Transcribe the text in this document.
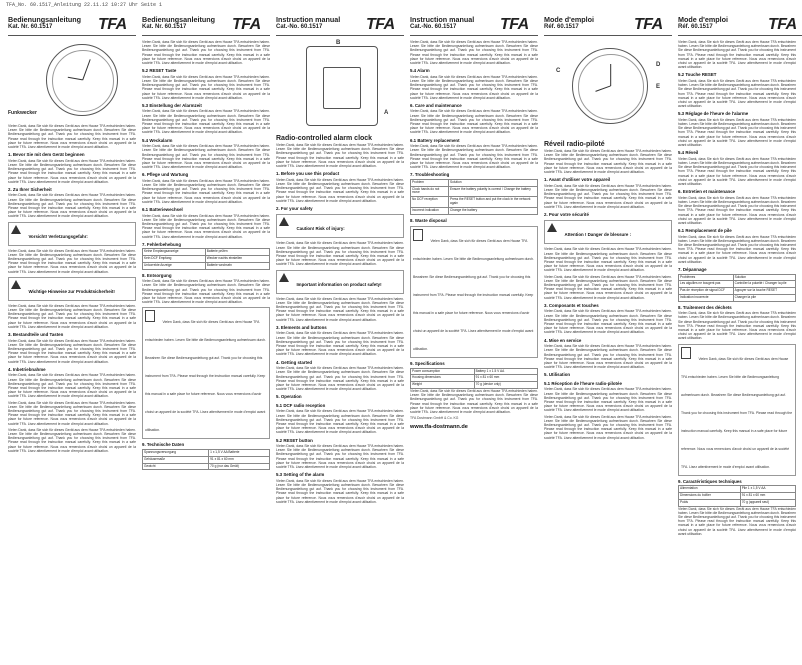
TFA_No. 60.1517_Anleitung 22.11.12 10:27 Uhr Seite 1
Bedienungsanleitung
Kat. Nr. 60.1517	TFA
Funkwecker
Vielen Dank, dass Sie sich für dieses Gerät aus dem Hause TFA entschieden haben. Lesen Sie bitte die Bedienungsanleitung aufmerksam durch. Bewahren Sie diese Bedienungsanleitung gut auf. Thank you for choosing this instrument from TFA. Please read through the instruction manual carefully. Keep this manual in a safe place for future reference. Nous vous remercions d'avoir choisi un appareil de la société TFA. Lisez attentivement le mode d'emploi avant utilisation.
1. Bevor Sie mit dem Gerät beginnen
Vielen Dank, dass Sie sich für dieses Gerät aus dem Hause TFA entschieden haben. Lesen Sie bitte die Bedienungsanleitung aufmerksam durch. Bewahren Sie diese Bedienungsanleitung gut auf. Thank you for choosing this instrument from TFA. Please read through the instruction manual carefully. Keep this manual in a safe place for future reference. Nous vous remercions d'avoir choisi un appareil de la société TFA. Lisez attentivement le mode d'emploi avant utilisation.
2. Zu Ihrer Sicherheit
Vielen Dank, dass Sie sich für dieses Gerät aus dem Hause TFA entschieden haben. Lesen Sie bitte die Bedienungsanleitung aufmerksam durch. Bewahren Sie diese Bedienungsanleitung gut auf. Thank you for choosing this instrument from TFA. Please read through the instruction manual carefully. Keep this manual in a safe place for future reference. Nous vous remercions d'avoir choisi un appareil de la société TFA. Lisez attentivement le mode d'emploi avant utilisation.
Vorsicht! Verletzungsgefahr:
Vielen Dank, dass Sie sich für dieses Gerät aus dem Hause TFA entschieden haben. Lesen Sie bitte die Bedienungsanleitung aufmerksam durch. Bewahren Sie diese Bedienungsanleitung gut auf. Thank you for choosing this instrument from TFA. Please read through the instruction manual carefully. Keep this manual in a safe place for future reference. Nous vous remercions d'avoir choisi un appareil de la société TFA. Lisez attentivement le mode d'emploi avant utilisation.
Wichtige Hinweise zur Produktsicherheit!
Vielen Dank, dass Sie sich für dieses Gerät aus dem Hause TFA entschieden haben. Lesen Sie bitte die Bedienungsanleitung aufmerksam durch. Bewahren Sie diese Bedienungsanleitung gut auf. Thank you for choosing this instrument from TFA. Please read through the instruction manual carefully. Keep this manual in a safe place for future reference. Nous vous remercions d'avoir choisi un appareil de la société TFA. Lisez attentivement le mode d'emploi avant utilisation.
3. Bestandteile und Tasten
Vielen Dank, dass Sie sich für dieses Gerät aus dem Hause TFA entschieden haben. Lesen Sie bitte die Bedienungsanleitung aufmerksam durch. Bewahren Sie diese Bedienungsanleitung gut auf. Thank you for choosing this instrument from TFA. Please read through the instruction manual carefully. Keep this manual in a safe place for future reference. Nous vous remercions d'avoir choisi un appareil de la société TFA. Lisez attentivement le mode d'emploi avant utilisation.
4. Inbetriebnahme
Vielen Dank, dass Sie sich für dieses Gerät aus dem Hause TFA entschieden haben. Lesen Sie bitte die Bedienungsanleitung aufmerksam durch. Bewahren Sie diese Bedienungsanleitung gut auf. Thank you for choosing this instrument from TFA. Please read through the instruction manual carefully. Keep this manual in a safe place for future reference. Nous vous remercions d'avoir choisi un appareil de la société TFA. Lisez attentivement le mode d'emploi avant utilisation.
Vielen Dank, dass Sie sich für dieses Gerät aus dem Hause TFA entschieden haben. Lesen Sie bitte die Bedienungsanleitung aufmerksam durch. Bewahren Sie diese Bedienungsanleitung gut auf. Thank you for choosing this instrument from TFA. Please read through the instruction manual carefully. Keep this manual in a safe place for future reference. Nous vous remercions d'avoir choisi un appareil de la société TFA. Lisez attentivement le mode d'emploi avant utilisation.
Vielen Dank, dass Sie sich für dieses Gerät aus dem Hause TFA entschieden haben. Lesen Sie bitte die Bedienungsanleitung aufmerksam durch. Bewahren Sie diese Bedienungsanleitung gut auf. Thank you for choosing this instrument from TFA. Please read through the instruction manual carefully. Keep this manual in a safe place for future reference. Nous vous remercions d'avoir choisi un appareil de la société TFA. Lisez attentivement le mode d'emploi avant utilisation.
Bedienungsanleitung
Kat. Nr. 60.1517	TFA
Vielen Dank, dass Sie sich für dieses Gerät aus dem Hause TFA entschieden haben. Lesen Sie bitte die Bedienungsanleitung aufmerksam durch. Bewahren Sie diese Bedienungsanleitung gut auf. Thank you for choosing this instrument from TFA. Please read through the instruction manual carefully. Keep this manual in a safe place for future reference. Nous vous remercions d'avoir choisi un appareil de la société TFA. Lisez attentivement le mode d'emploi avant utilisation.
5.2 RESET Taste
Vielen Dank, dass Sie sich für dieses Gerät aus dem Hause TFA entschieden haben. Lesen Sie bitte die Bedienungsanleitung aufmerksam durch. Bewahren Sie diese Bedienungsanleitung gut auf. Thank you for choosing this instrument from TFA. Please read through the instruction manual carefully. Keep this manual in a safe place for future reference. Nous vous remercions d'avoir choisi un appareil de la société TFA. Lisez attentivement le mode d'emploi avant utilisation.
5.3 Einstellung der Alarmzeit
Vielen Dank, dass Sie sich für dieses Gerät aus dem Hause TFA entschieden haben. Lesen Sie bitte die Bedienungsanleitung aufmerksam durch. Bewahren Sie diese Bedienungsanleitung gut auf. Thank you for choosing this instrument from TFA. Please read through the instruction manual carefully. Keep this manual in a safe place for future reference. Nous vous remercions d'avoir choisi un appareil de la société TFA. Lisez attentivement le mode d'emploi avant utilisation.
5.4 Weckalarm
Vielen Dank, dass Sie sich für dieses Gerät aus dem Hause TFA entschieden haben. Lesen Sie bitte die Bedienungsanleitung aufmerksam durch. Bewahren Sie diese Bedienungsanleitung gut auf. Thank you for choosing this instrument from TFA. Please read through the instruction manual carefully. Keep this manual in a safe place for future reference. Nous vous remercions d'avoir choisi un appareil de la société TFA. Lisez attentivement le mode d'emploi avant utilisation.
6. Pflege und Wartung
Vielen Dank, dass Sie sich für dieses Gerät aus dem Hause TFA entschieden haben. Lesen Sie bitte die Bedienungsanleitung aufmerksam durch. Bewahren Sie diese Bedienungsanleitung gut auf. Thank you for choosing this instrument from TFA. Please read through the instruction manual carefully. Keep this manual in a safe place for future reference. Nous vous remercions d'avoir choisi un appareil de la société TFA. Lisez attentivement le mode d'emploi avant utilisation.
6.1 Batteriewechsel
Vielen Dank, dass Sie sich für dieses Gerät aus dem Hause TFA entschieden haben. Lesen Sie bitte die Bedienungsanleitung aufmerksam durch. Bewahren Sie diese Bedienungsanleitung gut auf. Thank you for choosing this instrument from TFA. Please read through the instruction manual carefully. Keep this manual in a safe place for future reference. Nous vous remercions d'avoir choisi un appareil de la société TFA. Lisez attentivement le mode d'emploi avant utilisation.
7. Fehlerbehebung
Keine Empfangsanzeige	Batterie prüfen
Kein DCF Empfang	Wecker nachts einstellen
Unkorrekte Anzeige	Batterie wechseln
8. Entsorgung
Vielen Dank, dass Sie sich für dieses Gerät aus dem Hause TFA entschieden haben. Lesen Sie bitte die Bedienungsanleitung aufmerksam durch. Bewahren Sie diese Bedienungsanleitung gut auf. Thank you for choosing this instrument from TFA. Please read through the instruction manual carefully. Keep this manual in a safe place for future reference. Nous vous remercions d'avoir choisi un appareil de la société TFA. Lisez attentivement le mode d'emploi avant utilisation.
Vielen Dank, dass Sie sich für dieses Gerät aus dem Hause TFA entschieden haben. Lesen Sie bitte die Bedienungsanleitung aufmerksam durch. Bewahren Sie diese Bedienungsanleitung gut auf. Thank you for choosing this instrument from TFA. Please read through the instruction manual carefully. Keep this manual in a safe place for future reference. Nous vous remercions d'avoir choisi un appareil de la société TFA. Lisez attentivement le mode d'emploi avant utilisation.
9. Technische Daten
Spannungsversorgung	1 x 1,5 V AA Batterie
Gehäusemaße	91 x 81 x 60 mm
Gewicht	70 g (nur das Gerät)
Instruction manual
Cat.-No. 60.1517	TFA
B
A
Radio-controlled alarm clock
Vielen Dank, dass Sie sich für dieses Gerät aus dem Hause TFA entschieden haben. Lesen Sie bitte die Bedienungsanleitung aufmerksam durch. Bewahren Sie diese Bedienungsanleitung gut auf. Thank you for choosing this instrument from TFA. Please read through the instruction manual carefully. Keep this manual in a safe place for future reference. Nous vous remercions d'avoir choisi un appareil de la société TFA. Lisez attentivement le mode d'emploi avant utilisation.
1. Before you use this product
Vielen Dank, dass Sie sich für dieses Gerät aus dem Hause TFA entschieden haben. Lesen Sie bitte die Bedienungsanleitung aufmerksam durch. Bewahren Sie diese Bedienungsanleitung gut auf. Thank you for choosing this instrument from TFA. Please read through the instruction manual carefully. Keep this manual in a safe place for future reference. Nous vous remercions d'avoir choisi un appareil de la société TFA. Lisez attentivement le mode d'emploi avant utilisation.
2. For your safety
Caution! Risk of injury:
Vielen Dank, dass Sie sich für dieses Gerät aus dem Hause TFA entschieden haben. Lesen Sie bitte die Bedienungsanleitung aufmerksam durch. Bewahren Sie diese Bedienungsanleitung gut auf. Thank you for choosing this instrument from TFA. Please read through the instruction manual carefully. Keep this manual in a safe place for future reference. Nous vous remercions d'avoir choisi un appareil de la société TFA. Lisez attentivement le mode d'emploi avant utilisation.
Important information on product safety!
Vielen Dank, dass Sie sich für dieses Gerät aus dem Hause TFA entschieden haben. Lesen Sie bitte die Bedienungsanleitung aufmerksam durch. Bewahren Sie diese Bedienungsanleitung gut auf. Thank you for choosing this instrument from TFA. Please read through the instruction manual carefully. Keep this manual in a safe place for future reference. Nous vous remercions d'avoir choisi un appareil de la société TFA. Lisez attentivement le mode d'emploi avant utilisation.
3. Elements and buttons
Vielen Dank, dass Sie sich für dieses Gerät aus dem Hause TFA entschieden haben. Lesen Sie bitte die Bedienungsanleitung aufmerksam durch. Bewahren Sie diese Bedienungsanleitung gut auf. Thank you for choosing this instrument from TFA. Please read through the instruction manual carefully. Keep this manual in a safe place for future reference. Nous vous remercions d'avoir choisi un appareil de la société TFA. Lisez attentivement le mode d'emploi avant utilisation.
4. Getting started
Vielen Dank, dass Sie sich für dieses Gerät aus dem Hause TFA entschieden haben. Lesen Sie bitte die Bedienungsanleitung aufmerksam durch. Bewahren Sie diese Bedienungsanleitung gut auf. Thank you for choosing this instrument from TFA. Please read through the instruction manual carefully. Keep this manual in a safe place for future reference. Nous vous remercions d'avoir choisi un appareil de la société TFA. Lisez attentivement le mode d'emploi avant utilisation.
5. Operation
5.1 DCF radio reception
Vielen Dank, dass Sie sich für dieses Gerät aus dem Hause TFA entschieden haben. Lesen Sie bitte die Bedienungsanleitung aufmerksam durch. Bewahren Sie diese Bedienungsanleitung gut auf. Thank you for choosing this instrument from TFA. Please read through the instruction manual carefully. Keep this manual in a safe place for future reference. Nous vous remercions d'avoir choisi un appareil de la société TFA. Lisez attentivement le mode d'emploi avant utilisation.
5.2 RESET button
Vielen Dank, dass Sie sich für dieses Gerät aus dem Hause TFA entschieden haben. Lesen Sie bitte die Bedienungsanleitung aufmerksam durch. Bewahren Sie diese Bedienungsanleitung gut auf. Thank you for choosing this instrument from TFA. Please read through the instruction manual carefully. Keep this manual in a safe place for future reference. Nous vous remercions d'avoir choisi un appareil de la société TFA. Lisez attentivement le mode d'emploi avant utilisation.
5.3 Setting of the alarm
Vielen Dank, dass Sie sich für dieses Gerät aus dem Hause TFA entschieden haben. Lesen Sie bitte die Bedienungsanleitung aufmerksam durch. Bewahren Sie diese Bedienungsanleitung gut auf. Thank you for choosing this instrument from TFA. Please read through the instruction manual carefully. Keep this manual in a safe place for future reference. Nous vous remercions d'avoir choisi un appareil de la société TFA. Lisez attentivement le mode d'emploi avant utilisation.
Instruction manual
Cat.-No. 60.1517	TFA
Vielen Dank, dass Sie sich für dieses Gerät aus dem Hause TFA entschieden haben. Lesen Sie bitte die Bedienungsanleitung aufmerksam durch. Bewahren Sie diese Bedienungsanleitung gut auf. Thank you for choosing this instrument from TFA. Please read through the instruction manual carefully. Keep this manual in a safe place for future reference. Nous vous remercions d'avoir choisi un appareil de la société TFA. Lisez attentivement le mode d'emploi avant utilisation.
5.4 Alarm
Vielen Dank, dass Sie sich für dieses Gerät aus dem Hause TFA entschieden haben. Lesen Sie bitte die Bedienungsanleitung aufmerksam durch. Bewahren Sie diese Bedienungsanleitung gut auf. Thank you for choosing this instrument from TFA. Please read through the instruction manual carefully. Keep this manual in a safe place for future reference. Nous vous remercions d'avoir choisi un appareil de la société TFA. Lisez attentivement le mode d'emploi avant utilisation.
6. Care and maintenance
Vielen Dank, dass Sie sich für dieses Gerät aus dem Hause TFA entschieden haben. Lesen Sie bitte die Bedienungsanleitung aufmerksam durch. Bewahren Sie diese Bedienungsanleitung gut auf. Thank you for choosing this instrument from TFA. Please read through the instruction manual carefully. Keep this manual in a safe place for future reference. Nous vous remercions d'avoir choisi un appareil de la société TFA. Lisez attentivement le mode d'emploi avant utilisation.
6.1 Battery replacement
Vielen Dank, dass Sie sich für dieses Gerät aus dem Hause TFA entschieden haben. Lesen Sie bitte die Bedienungsanleitung aufmerksam durch. Bewahren Sie diese Bedienungsanleitung gut auf. Thank you for choosing this instrument from TFA. Please read through the instruction manual carefully. Keep this manual in a safe place for future reference. Nous vous remercions d'avoir choisi un appareil de la société TFA. Lisez attentivement le mode d'emploi avant utilisation.
7. Troubleshooting
Problem	Solution
Clock hands do not move	Ensure the battery polarity is correct / Change the battery
No DCF reception	Press the RESET button and put the clock in the network again
Incorrect indication	Change the battery
8. Waste disposal
Vielen Dank, dass Sie sich für dieses Gerät aus dem Hause TFA entschieden haben. Lesen Sie bitte die Bedienungsanleitung aufmerksam durch. Bewahren Sie diese Bedienungsanleitung gut auf. Thank you for choosing this instrument from TFA. Please read through the instruction manual carefully. Keep this manual in a safe place for future reference. Nous vous remercions d'avoir choisi un appareil de la société TFA. Lisez attentivement le mode d'emploi avant utilisation.
9. Specifications
Power consumption	Battery 1 x 1.5 V AA
Housing dimensions	91 x 81 x 60 mm
Weight	70 g (device only)
Vielen Dank, dass Sie sich für dieses Gerät aus dem Hause TFA entschieden haben. Lesen Sie bitte die Bedienungsanleitung aufmerksam durch. Bewahren Sie diese Bedienungsanleitung gut auf. Thank you for choosing this instrument from TFA. Please read through the instruction manual carefully. Keep this manual in a safe place for future reference. Nous vous remercions d'avoir choisi un appareil de la société TFA. Lisez attentivement le mode d'emploi avant utilisation.
TFA Dostmann GmbH & Co. KG
www.tfa-dostmann.de
Mode d'emploi
Réf. 60.1517	TFA
C
D
E
Réveil radio-piloté
Vielen Dank, dass Sie sich für dieses Gerät aus dem Hause TFA entschieden haben. Lesen Sie bitte die Bedienungsanleitung aufmerksam durch. Bewahren Sie diese Bedienungsanleitung gut auf. Thank you for choosing this instrument from TFA. Please read through the instruction manual carefully. Keep this manual in a safe place for future reference. Nous vous remercions d'avoir choisi un appareil de la société TFA. Lisez attentivement le mode d'emploi avant utilisation.
1. Avant d'utiliser votre appareil
Vielen Dank, dass Sie sich für dieses Gerät aus dem Hause TFA entschieden haben. Lesen Sie bitte die Bedienungsanleitung aufmerksam durch. Bewahren Sie diese Bedienungsanleitung gut auf. Thank you for choosing this instrument from TFA. Please read through the instruction manual carefully. Keep this manual in a safe place for future reference. Nous vous remercions d'avoir choisi un appareil de la société TFA. Lisez attentivement le mode d'emploi avant utilisation.
2. Pour votre sécurité
Attention ! Danger de blessure :
Vielen Dank, dass Sie sich für dieses Gerät aus dem Hause TFA entschieden haben. Lesen Sie bitte die Bedienungsanleitung aufmerksam durch. Bewahren Sie diese Bedienungsanleitung gut auf. Thank you for choosing this instrument from TFA. Please read through the instruction manual carefully. Keep this manual in a safe place for future reference. Nous vous remercions d'avoir choisi un appareil de la société TFA. Lisez attentivement le mode d'emploi avant utilisation.
Vielen Dank, dass Sie sich für dieses Gerät aus dem Hause TFA entschieden haben. Lesen Sie bitte die Bedienungsanleitung aufmerksam durch. Bewahren Sie diese Bedienungsanleitung gut auf. Thank you for choosing this instrument from TFA. Please read through the instruction manual carefully. Keep this manual in a safe place for future reference. Nous vous remercions d'avoir choisi un appareil de la société TFA. Lisez attentivement le mode d'emploi avant utilisation.
3. Composants et touches
Vielen Dank, dass Sie sich für dieses Gerät aus dem Hause TFA entschieden haben. Lesen Sie bitte die Bedienungsanleitung aufmerksam durch. Bewahren Sie diese Bedienungsanleitung gut auf. Thank you for choosing this instrument from TFA. Please read through the instruction manual carefully. Keep this manual in a safe place for future reference. Nous vous remercions d'avoir choisi un appareil de la société TFA. Lisez attentivement le mode d'emploi avant utilisation.
4. Mise en service
Vielen Dank, dass Sie sich für dieses Gerät aus dem Hause TFA entschieden haben. Lesen Sie bitte die Bedienungsanleitung aufmerksam durch. Bewahren Sie diese Bedienungsanleitung gut auf. Thank you for choosing this instrument from TFA. Please read through the instruction manual carefully. Keep this manual in a safe place for future reference. Nous vous remercions d'avoir choisi un appareil de la société TFA. Lisez attentivement le mode d'emploi avant utilisation.
5. Utilisation
5.1 Réception de l'heure radio-pilotée
Vielen Dank, dass Sie sich für dieses Gerät aus dem Hause TFA entschieden haben. Lesen Sie bitte die Bedienungsanleitung aufmerksam durch. Bewahren Sie diese Bedienungsanleitung gut auf. Thank you for choosing this instrument from TFA. Please read through the instruction manual carefully. Keep this manual in a safe place for future reference. Nous vous remercions d'avoir choisi un appareil de la société TFA. Lisez attentivement le mode d'emploi avant utilisation.
Vielen Dank, dass Sie sich für dieses Gerät aus dem Hause TFA entschieden haben. Lesen Sie bitte die Bedienungsanleitung aufmerksam durch. Bewahren Sie diese Bedienungsanleitung gut auf. Thank you for choosing this instrument from TFA. Please read through the instruction manual carefully. Keep this manual in a safe place for future reference. Nous vous remercions d'avoir choisi un appareil de la société TFA. Lisez attentivement le mode d'emploi avant utilisation.
Mode d'emploi
Réf. 60.1517	TFA
Vielen Dank, dass Sie sich für dieses Gerät aus dem Hause TFA entschieden haben. Lesen Sie bitte die Bedienungsanleitung aufmerksam durch. Bewahren Sie diese Bedienungsanleitung gut auf. Thank you for choosing this instrument from TFA. Please read through the instruction manual carefully. Keep this manual in a safe place for future reference. Nous vous remercions d'avoir choisi un appareil de la société TFA. Lisez attentivement le mode d'emploi avant utilisation.
5.2 Touche RESET
Vielen Dank, dass Sie sich für dieses Gerät aus dem Hause TFA entschieden haben. Lesen Sie bitte die Bedienungsanleitung aufmerksam durch. Bewahren Sie diese Bedienungsanleitung gut auf. Thank you for choosing this instrument from TFA. Please read through the instruction manual carefully. Keep this manual in a safe place for future reference. Nous vous remercions d'avoir choisi un appareil de la société TFA. Lisez attentivement le mode d'emploi avant utilisation.
5.3 Réglage de l'heure de l'alarme
Vielen Dank, dass Sie sich für dieses Gerät aus dem Hause TFA entschieden haben. Lesen Sie bitte die Bedienungsanleitung aufmerksam durch. Bewahren Sie diese Bedienungsanleitung gut auf. Thank you for choosing this instrument from TFA. Please read through the instruction manual carefully. Keep this manual in a safe place for future reference. Nous vous remercions d'avoir choisi un appareil de la société TFA. Lisez attentivement le mode d'emploi avant utilisation.
5.4 Réveil
Vielen Dank, dass Sie sich für dieses Gerät aus dem Hause TFA entschieden haben. Lesen Sie bitte die Bedienungsanleitung aufmerksam durch. Bewahren Sie diese Bedienungsanleitung gut auf. Thank you for choosing this instrument from TFA. Please read through the instruction manual carefully. Keep this manual in a safe place for future reference. Nous vous remercions d'avoir choisi un appareil de la société TFA. Lisez attentivement le mode d'emploi avant utilisation.
6. Entretien et maintenance
Vielen Dank, dass Sie sich für dieses Gerät aus dem Hause TFA entschieden haben. Lesen Sie bitte die Bedienungsanleitung aufmerksam durch. Bewahren Sie diese Bedienungsanleitung gut auf. Thank you for choosing this instrument from TFA. Please read through the instruction manual carefully. Keep this manual in a safe place for future reference. Nous vous remercions d'avoir choisi un appareil de la société TFA. Lisez attentivement le mode d'emploi avant utilisation.
6.1 Remplacement de pile
Vielen Dank, dass Sie sich für dieses Gerät aus dem Hause TFA entschieden haben. Lesen Sie bitte die Bedienungsanleitung aufmerksam durch. Bewahren Sie diese Bedienungsanleitung gut auf. Thank you for choosing this instrument from TFA. Please read through the instruction manual carefully. Keep this manual in a safe place for future reference. Nous vous remercions d'avoir choisi un appareil de la société TFA. Lisez attentivement le mode d'emploi avant utilisation.
7. Dépannage
Problèmes	Solution
Les aiguilles ne bougent pas	Contrôler la polarité / Changer la pile
Pas de réception de signal DCF	Appuyer sur la touche RESET
Indication incorrecte	Changer la pile
8. Traitement des déchets
Vielen Dank, dass Sie sich für dieses Gerät aus dem Hause TFA entschieden haben. Lesen Sie bitte die Bedienungsanleitung aufmerksam durch. Bewahren Sie diese Bedienungsanleitung gut auf. Thank you for choosing this instrument from TFA. Please read through the instruction manual carefully. Keep this manual in a safe place for future reference. Nous vous remercions d'avoir choisi un appareil de la société TFA. Lisez attentivement le mode d'emploi avant utilisation.
Vielen Dank, dass Sie sich für dieses Gerät aus dem Hause TFA entschieden haben. Lesen Sie bitte die Bedienungsanleitung aufmerksam durch. Bewahren Sie diese Bedienungsanleitung gut auf. Thank you for choosing this instrument from TFA. Please read through the instruction manual carefully. Keep this manual in a safe place for future reference. Nous vous remercions d'avoir choisi un appareil de la société TFA. Lisez attentivement le mode d'emploi avant utilisation.
9. Caractéristiques techniques
Alimentation	Pile 1 x 1,5 V AA
Dimensions du boîtier	91 x 81 x 60 mm
Poids	70 g (appareil seul)
Vielen Dank, dass Sie sich für dieses Gerät aus dem Hause TFA entschieden haben. Lesen Sie bitte die Bedienungsanleitung aufmerksam durch. Bewahren Sie diese Bedienungsanleitung gut auf. Thank you for choosing this instrument from TFA. Please read through the instruction manual carefully. Keep this manual in a safe place for future reference. Nous vous remercions d'avoir choisi un appareil de la société TFA. Lisez attentivement le mode d'emploi avant utilisation.
